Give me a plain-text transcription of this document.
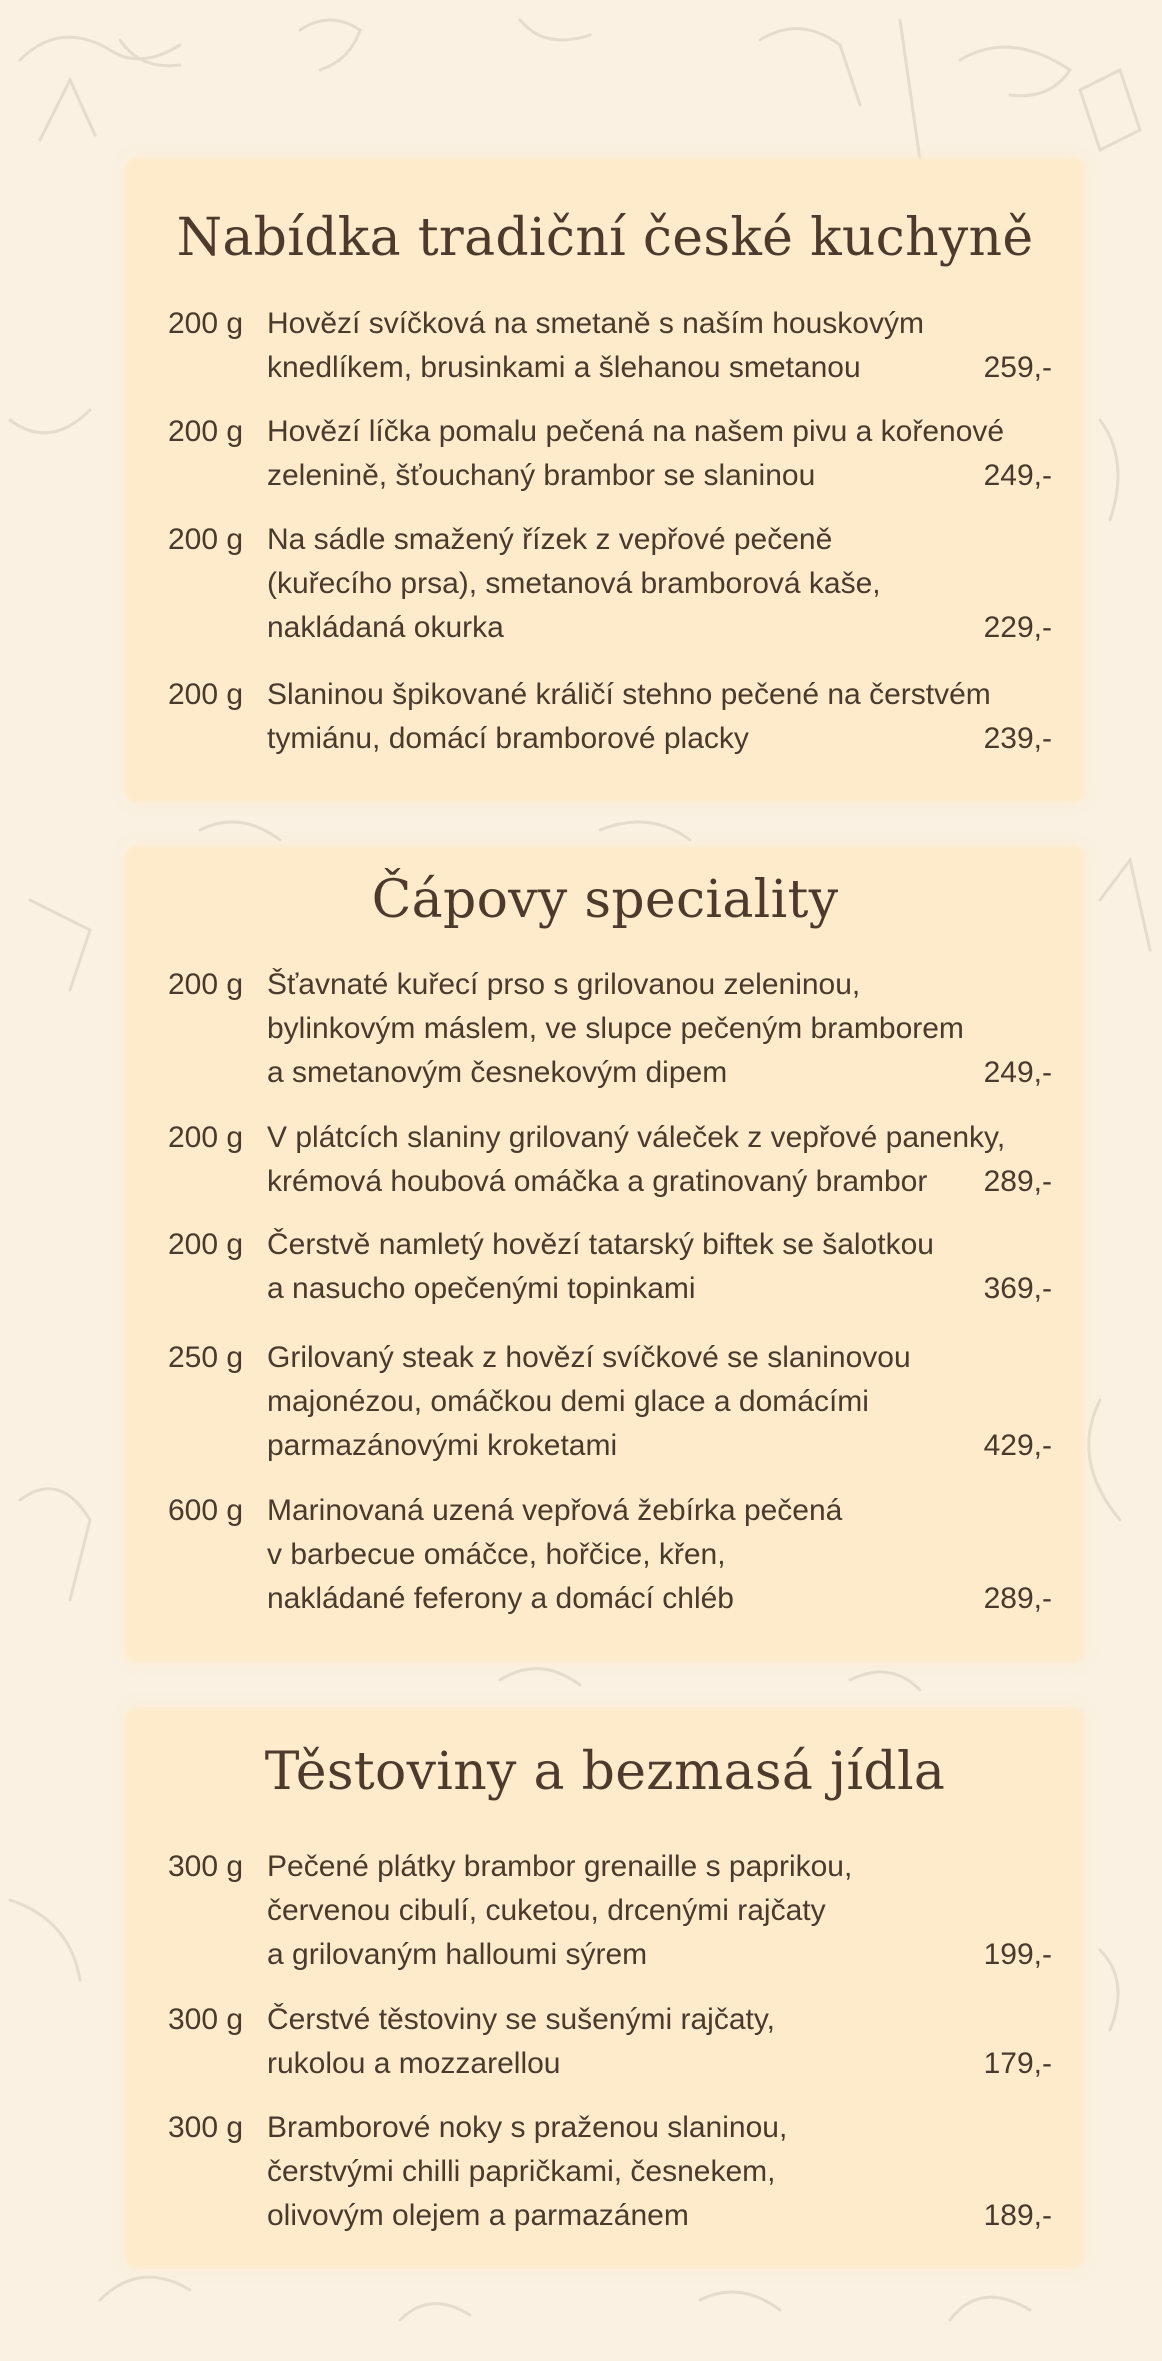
Nabídka tradiční české kuchyně
200 g Hovězí svíčková na smetaně s naším houskovým
knedlíkem, brusinkami a šlehanou smetanou	259,-
200 g Hovězí líčka pomalu pečená na našem pivu a kořenové
zelenině, šťouchaný brambor se slaninou	249,-
200 g Na sádle smažený řízek z vepřové pečeně
(kuřecího prsa), smetanová bramborová kaše,
nakládaná okurka	229,-
200 g Slaninou špikované králičí stehno pečené na čerstvém
tymiánu, domácí bramborové placky	239,-
Čápovy speciality
200 g Šťavnaté kuřecí prso s grilovanou zeleninou,
bylinkovým máslem, ve slupce pečeným bramborem
a smetanovým česnekovým dipem	249,-
200 g V plátcích slaniny grilovaný váleček z vepřové panenky,
krémová houbová omáčka a gratinovaný brambor	289,-
200 g Čerstvě namletý hovězí tatarský biftek se šalotkou
a nasucho opečenými topinkami	369,-
250 g Grilovaný steak z hovězí svíčkové se slaninovou
majonézou, omáčkou demi glace a domácími
parmazánovými kroketami	429,-
600 g Marinovaná uzená vepřová žebírka pečená
v barbecue omáčce, hořčice, křen,
nakládané feferony a domácí chléb	289,-
Těstoviny a bezmasá jídla
300 g Pečené plátky brambor grenaille s paprikou,
červenou cibulí, cuketou, drcenými rajčaty
a grilovaným halloumi sýrem	199,-
300 g Čerstvé těstoviny se sušenými rajčaty,
rukolou a mozzarellou	179,-
300 g Bramborové noky s praženou slaninou,
čerstvými chilli papričkami, česnekem,
olivovým olejem a parmazánem	189,-
